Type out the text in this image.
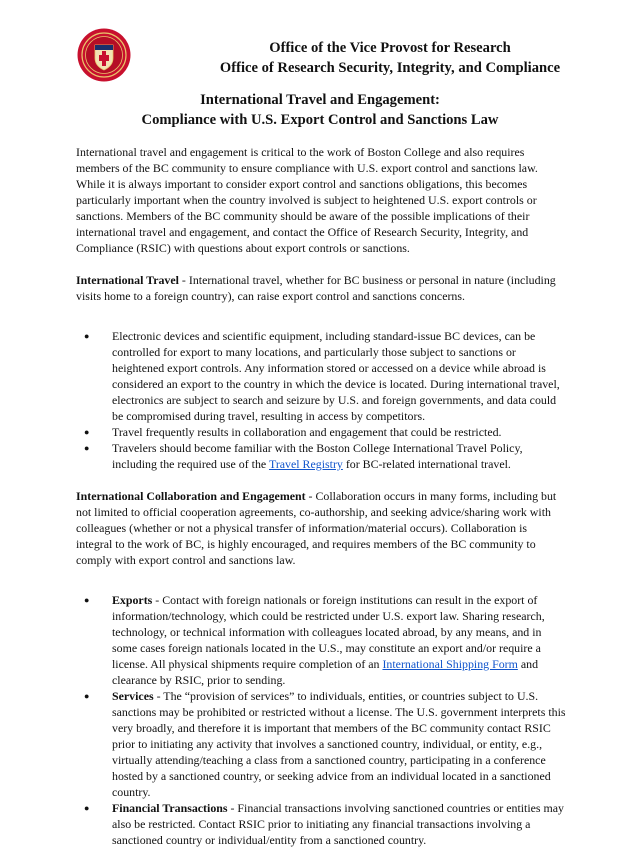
Office of the Vice Provost for Research
Office of Research Security, Integrity, and Compliance
International Travel and Engagement:
Compliance with U.S. Export Control and Sanctions Law

International travel and engagement is critical to the work of Boston College and also requires members of the BC community to ensure compliance with U.S. export control and sanctions law. While it is always important to consider export control and sanctions obligations, this becomes particularly important when the country involved is subject to heightened U.S. export controls or sanctions. Members of the BC community should be aware of the possible implications of their international travel and engagement, and contact the Office of Research Security, Integrity, and Compliance (RSIC) with questions about export controls or sanctions.

International Travel - International travel, whether for BC business or personal in nature (including visits home to a foreign country), can raise export control and sanctions concerns.

● Electronic devices and scientific equipment, including standard-issue BC devices, can be controlled for export to many locations, and particularly those subject to sanctions or heightened export controls. Any information stored or accessed on a device while abroad is considered an export to the country in which the device is located. During international travel, electronics are subject to search and seizure by U.S. and foreign governments, and data could be compromised during travel, resulting in access by competitors.
● Travel frequently results in collaboration and engagement that could be restricted.
● Travelers should become familiar with the Boston College International Travel Policy, including the required use of the Travel Registry for BC-related international travel.

International Collaboration and Engagement - Collaboration occurs in many forms, including but not limited to official cooperation agreements, co-authorship, and seeking advice/sharing work with colleagues (whether or not a physical transfer of information/material occurs). Collaboration is integral to the work of BC, is highly encouraged, and requires members of the BC community to comply with export control and sanctions law.

● Exports - Contact with foreign nationals or foreign institutions can result in the export of information/technology, which could be restricted under U.S. export law. Sharing research, technology, or technical information with colleagues located abroad, by any means, and in some cases foreign nationals located in the U.S., may constitute an export and/or require a license. All physical shipments require completion of an International Shipping Form and clearance by RSIC, prior to sending.
● Services - The “provision of services” to individuals, entities, or countries subject to U.S. sanctions may be prohibited or restricted without a license. The U.S. government interprets this very broadly, and therefore it is important that members of the BC community contact RSIC prior to initiating any activity that involves a sanctioned country, individual, or entity, e.g., virtually attending/teaching a class from a sanctioned country, participating in a conference hosted by a sanctioned country, or seeking advice from an individual located in a sanctioned country.
● Financial Transactions - Financial transactions involving sanctioned countries or entities may also be restricted. Contact RSIC prior to initiating any financial transactions involving a sanctioned country or individual/entity from a sanctioned country.
